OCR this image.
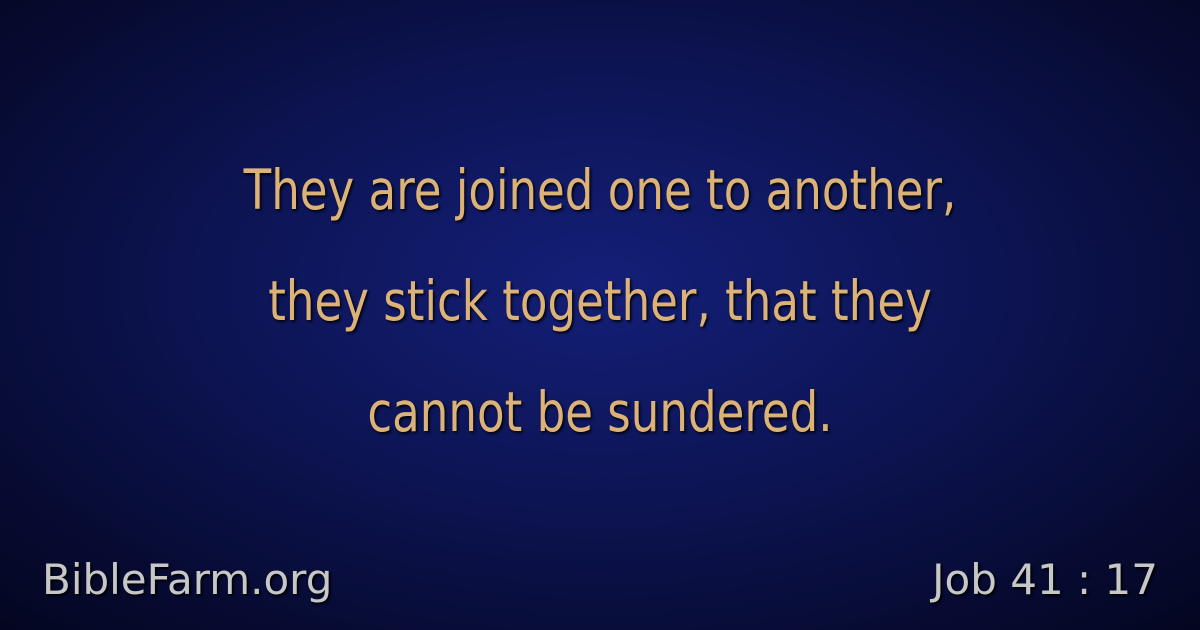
They are joined one to another,
they stick together, that they
cannot be sundered.
BibleFarm.org	Job 41 : 17
